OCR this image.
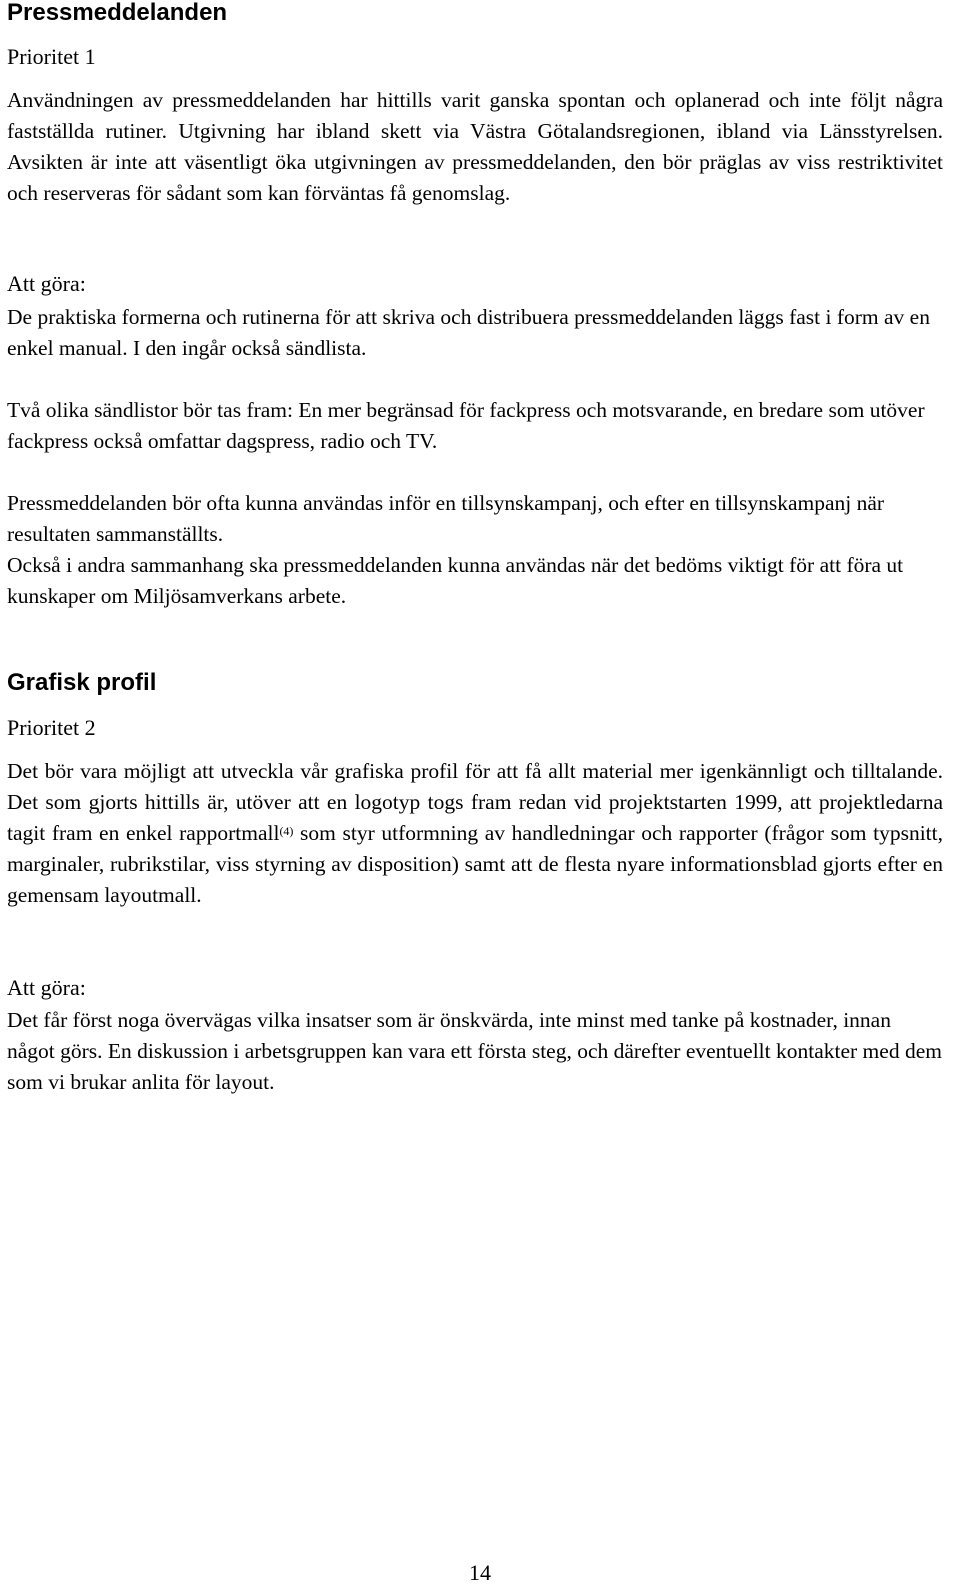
Pressmeddelanden
Prioritet 1

Användningen av pressmeddelanden har hittills varit ganska spontan och oplanerad och inte följt några fastställda rutiner. Utgivning har ibland skett via Västra Götalandsregionen, ibland via Länsstyrelsen. Avsikten är inte att väsentligt öka utgivningen av pressmeddelanden, den bör präglas av viss restriktivitet och reserveras för sådant som kan förväntas få genomslag.

Att göra:

De praktiska formerna och rutinerna för att skriva och distribuera pressmeddelanden läggs fast i form av en enkel manual. I den ingår också sändlista.

Två olika sändlistor bör tas fram: En mer begränsad för fackpress och motsvarande, en bredare som utöver fackpress också omfattar dagspress, radio och TV.

Pressmeddelanden bör ofta kunna användas inför en tillsynskampanj, och efter en tillsynskampanj när resultaten sammanställts.

Också i andra sammanhang ska pressmeddelanden kunna användas när det bedöms viktigt för att föra ut kunskaper om Miljösamverkans arbete.

Grafisk profil
Prioritet 2

Det bör vara möjligt att utveckla vår grafiska profil för att få allt material mer igenkännligt och tilltalande. Det som gjorts hittills är, utöver att en logotyp togs fram redan vid projektstarten 1999, att projektledarna tagit fram en enkel rapportmall$^{(4)}$ som styr utformning av handledningar och rapporter (frågor som typsnitt, marginaler, rubrikstilar, viss styrning av disposition) samt att de flesta nyare informationsblad gjorts efter en gemensam layoutmall.

Att göra:

Det får först noga övervägas vilka insatser som är önskvärda, inte minst med tanke på kostnader, innan något görs. En diskussion i arbetsgruppen kan vara ett första steg, och därefter eventuellt kontakter med dem som vi brukar anlita för layout.

14
